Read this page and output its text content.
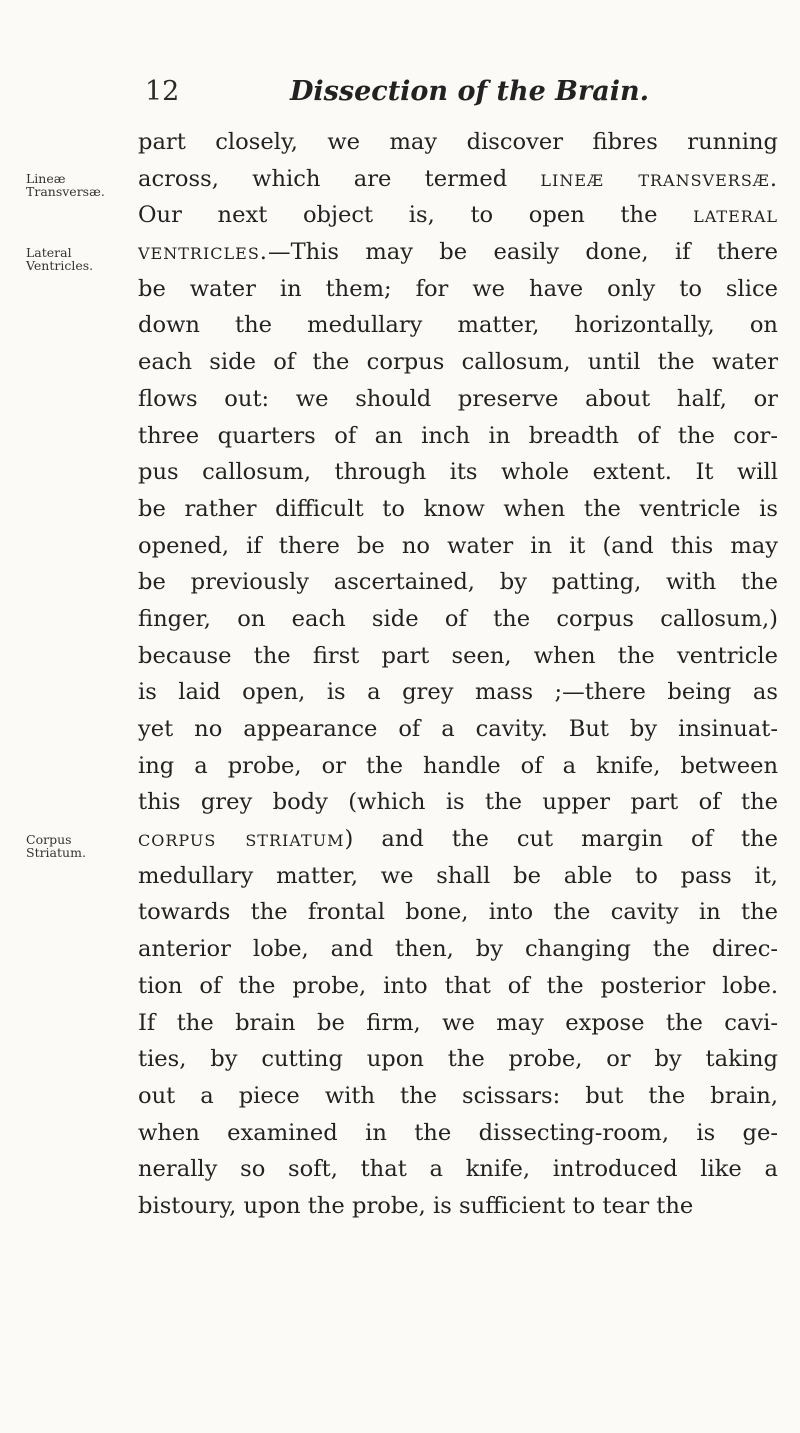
12	Dissection of the Brain.
Lineæ Transversæ.
Lateral Ventricles.
Corpus Striatum.
part closely, we may discover fibres running
across, which are termed lineæ transversæ.
Our next object is, to open the lateral
ventricles.—This may be easily done, if there
be water in them; for we have only to slice
down the medullary matter, horizontally, on
each side of the corpus callosum, until the water
flows out: we should preserve about half, or
three quarters of an inch in breadth of the cor-
pus callosum, through its whole extent. It will
be rather difficult to know when the ventricle is
opened, if there be no water in it (and this may
be previously ascertained, by patting, with the
finger, on each side of the corpus callosum,)
because the first part seen, when the ventricle
is laid open, is a grey mass ;—there being as
yet no appearance of a cavity. But by insinuat-
ing a probe, or the handle of a knife, between
this grey body (which is the upper part of the
corpus striatum) and the cut margin of the
medullary matter, we shall be able to pass it,
towards the frontal bone, into the cavity in the
anterior lobe, and then, by changing the direc-
tion of the probe, into that of the posterior lobe.
If the brain be firm, we may expose the cavi-
ties, by cutting upon the probe, or by taking
out a piece with the scissars: but the brain,
when examined in the dissecting-room, is ge-
nerally so soft, that a knife, introduced like a
bistoury, upon the probe, is sufficient to tear the
